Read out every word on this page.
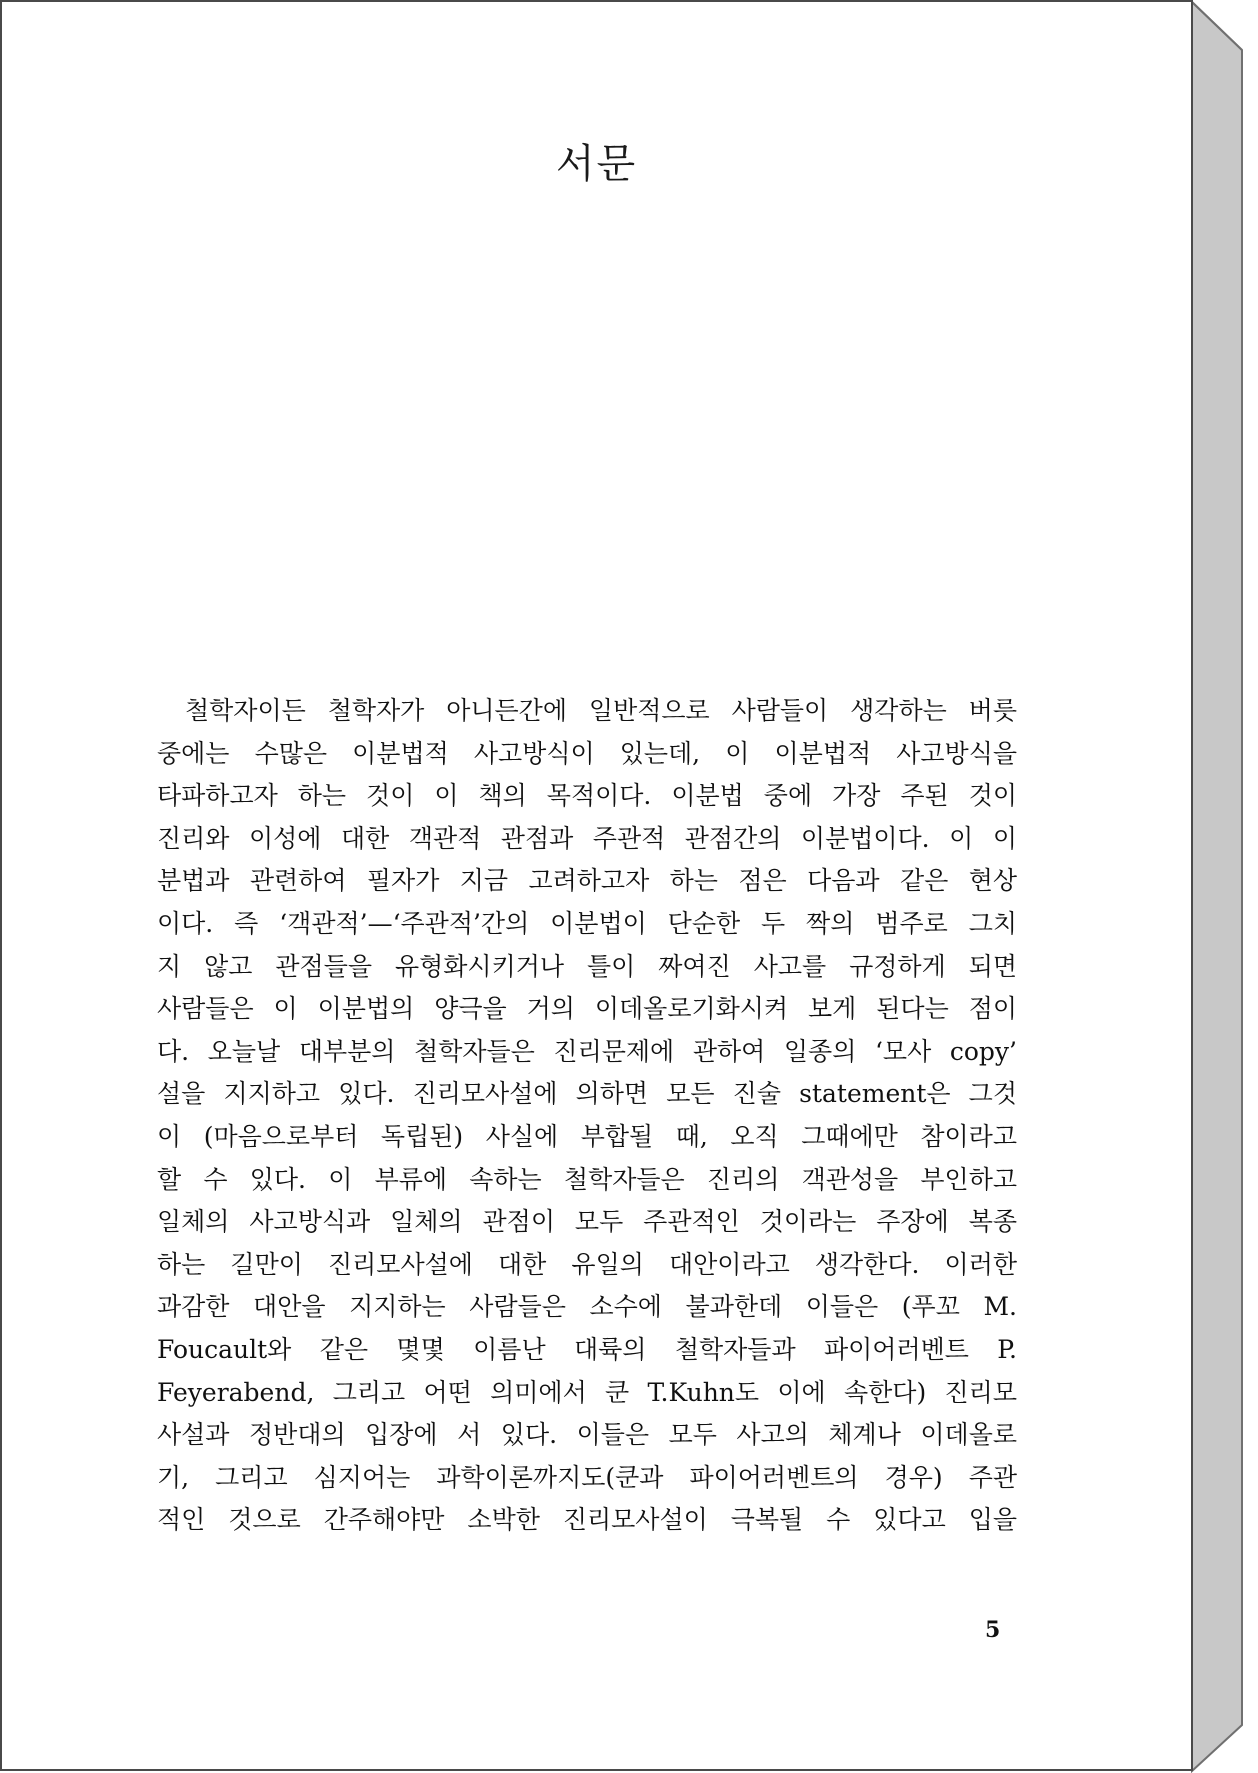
서문
철학자이든 철학자가 아니든간에 일반적으로 사람들이 생각하는 버릇
중에는 수많은 이분법적 사고방식이 있는데, 이 이분법적 사고방식을
타파하고자 하는 것이 이 책의 목적이다. 이분법 중에 가장 주된 것이
진리와 이성에 대한 객관적 관점과 주관적 관점간의 이분법이다. 이 이
분법과 관련하여 필자가 지금 고려하고자 하는 점은 다음과 같은 현상
이다. 즉 ‘객관적’—‘주관적’간의 이분법이 단순한 두 짝의 범주로 그치
지 않고 관점들을 유형화시키거나 틀이 짜여진 사고를 규정하게 되면
사람들은 이 이분법의 양극을 거의 이데올로기화시켜 보게 된다는 점이
다. 오늘날 대부분의 철학자들은 진리문제에 관하여 일종의 ‘모사 copy’
설을 지지하고 있다. 진리모사설에 의하면 모든 진술 statement은 그것
이 (마음으로부터 독립된) 사실에 부합될 때, 오직 그때에만 참이라고
할 수 있다. 이 부류에 속하는 철학자들은 진리의 객관성을 부인하고
일체의 사고방식과 일체의 관점이 모두 주관적인 것이라는 주장에 복종
하는 길만이 진리모사설에 대한 유일의 대안이라고 생각한다. 이러한
과감한 대안을 지지하는 사람들은 소수에 불과한데 이들은 (푸꼬 M.
Foucault와 같은 몇몇 이름난 대륙의 철학자들과 파이어러벤트 P.
Feyerabend, 그리고 어떤 의미에서 쿤 T.Kuhn도 이에 속한다) 진리모
사설과 정반대의 입장에 서 있다. 이들은 모두 사고의 체계나 이데올로
기, 그리고 심지어는 과학이론까지도(쿤과 파이어러벤트의 경우) 주관
적인 것으로 간주해야만 소박한 진리모사설이 극복될 수 있다고 입을
5
